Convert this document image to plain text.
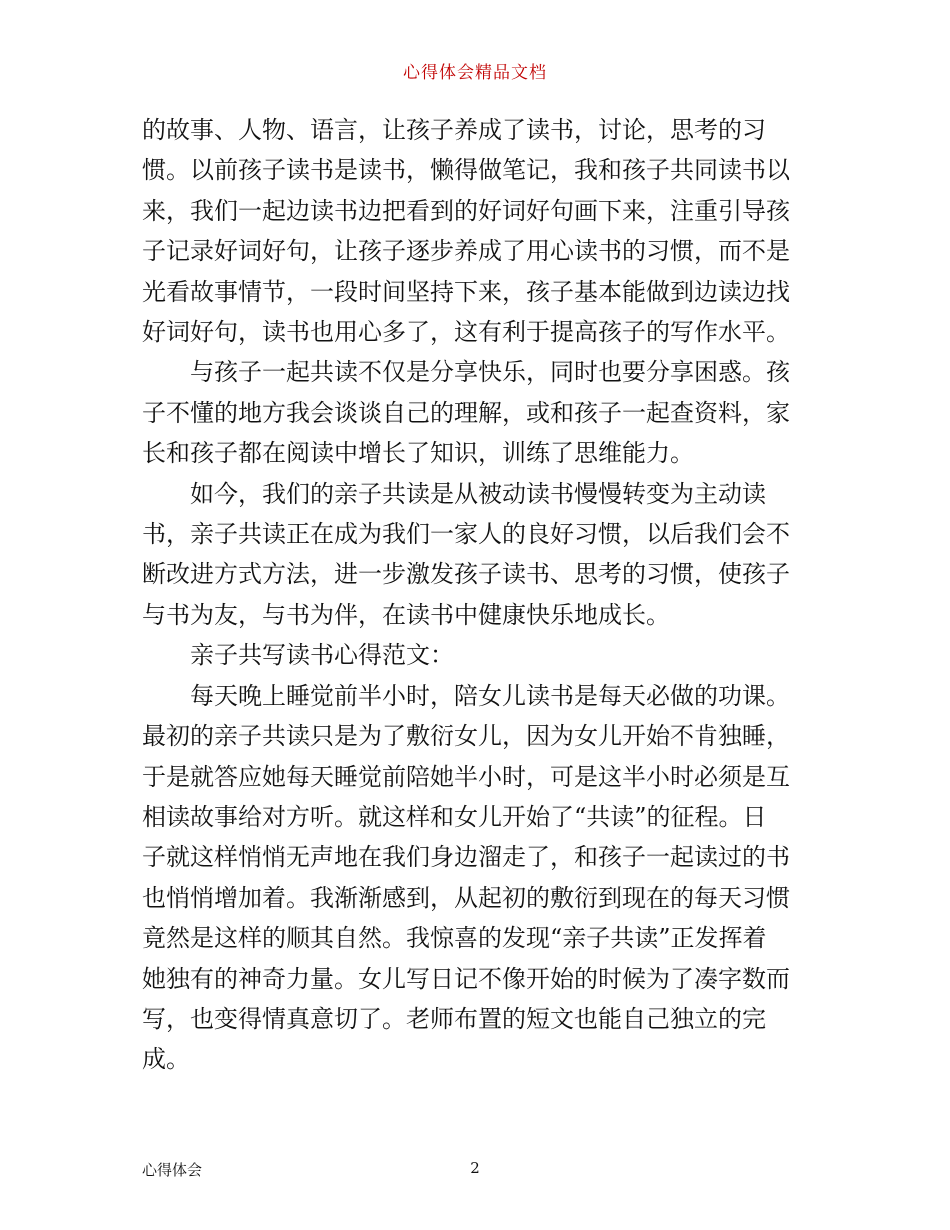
心得体会精品文档

的故事、人物、语言，让孩子养成了读书，讨论，思考的习
惯。以前孩子读书是读书，懒得做笔记，我和孩子共同读书以
来，我们一起边读书边把看到的好词好句画下来，注重引导孩
子记录好词好句，让孩子逐步养成了用心读书的习惯，而不是
光看故事情节，一段时间坚持下来，孩子基本能做到边读边找
好词好句，读书也用心多了，这有利于提高孩子的写作水平。

与孩子一起共读不仅是分享快乐，同时也要分享困惑。孩
子不懂的地方我会谈谈自己的理解，或和孩子一起查资料，家
长和孩子都在阅读中增长了知识，训练了思维能力。

如今，我们的亲子共读是从被动读书慢慢转变为主动读
书，亲子共读正在成为我们一家人的良好习惯，以后我们会不
断改进方式方法，进一步激发孩子读书、思考的习惯，使孩子
与书为友，与书为伴，在读书中健康快乐地成长。

亲子共写读书心得范文：

每天晚上睡觉前半小时，陪女儿读书是每天必做的功课。
最初的亲子共读只是为了敷衍女儿，因为女儿开始不肯独睡，
于是就答应她每天睡觉前陪她半小时，可是这半小时必须是互
相读故事给对方听。就这样和女儿开始了“共读”的征程。日
子就这样悄悄无声地在我们身边溜走了，和孩子一起读过的书
也悄悄增加着。我渐渐感到，从起初的敷衍到现在的每天习惯
竟然是这样的顺其自然。我惊喜的发现“亲子共读”正发挥着
她独有的神奇力量。女儿写日记不像开始的时候为了凑字数而
写，也变得情真意切了。老师布置的短文也能自己独立的完
成。

心得体会	2
